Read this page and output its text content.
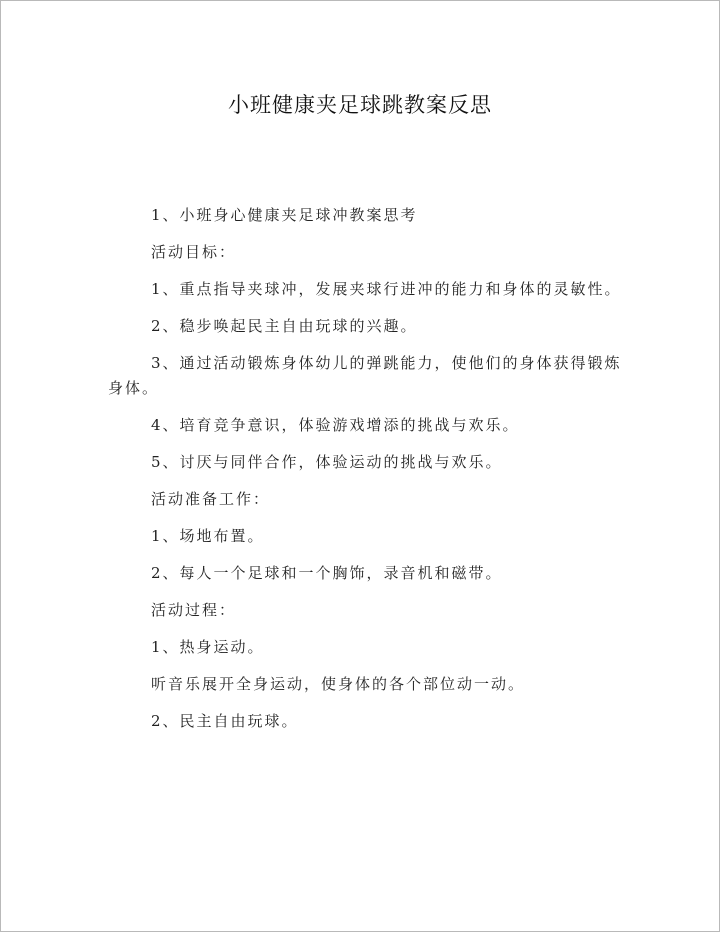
小班健康夹足球跳教案反思

1、小班身心健康夹足球冲教案思考

活动目标：

1、重点指导夹球冲，发展夹球行进冲的能力和身体的灵敏性。

2、稳步唤起民主自由玩球的兴趣。

3、通过活动锻炼身体幼儿的弹跳能力，使他们的身体获得锻炼身体。

4、培育竞争意识，体验游戏增添的挑战与欢乐。

5、讨厌与同伴合作，体验运动的挑战与欢乐。

活动准备工作：

1、场地布置。

2、每人一个足球和一个胸饰，录音机和磁带。

活动过程：

1、热身运动。

听音乐展开全身运动，使身体的各个部位动一动。

2、民主自由玩球。
